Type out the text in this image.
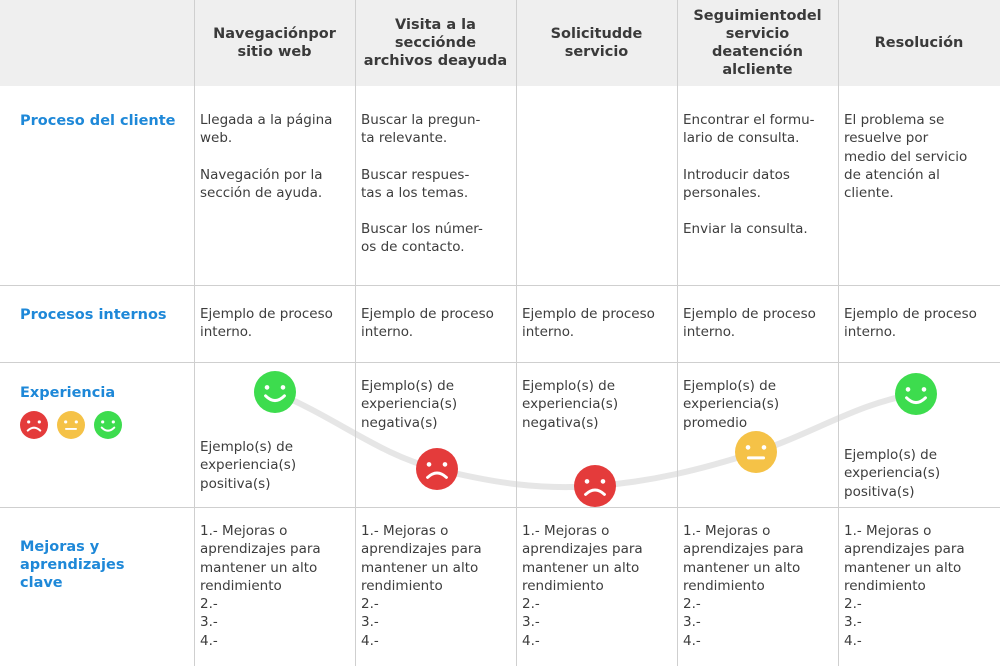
Proceso del cliente
Procesos internos
Experiencia
Mejoras y
aprendizajes
clave
Navegaciónpor sitio web
Visita a la secciónde archivos deayuda
Solicitudde servicio
Seguimientodel servicio deatención alcliente
Resolución

Llegada a la página
web.

Navegación por la
sección de ayuda.

Buscar la pregun-
ta relevante.

Buscar respues-
tas a los temas.

Buscar los númer-
os de contacto.

Encontrar el formu-
lario de consulta.

Introducir datos
personales.

Enviar la consulta.

El problema se
resuelve por
medio del servicio
de atención al
cliente.

Ejemplo de proceso
interno.
Ejemplo de proceso
interno.
Ejemplo de proceso
interno.
Ejemplo de proceso
interno.
Ejemplo de proceso
interno.
Ejemplo(s) de
experiencia(s)
positiva(s)
Ejemplo(s) de
experiencia(s)
negativa(s)
Ejemplo(s) de
experiencia(s)
negativa(s)
Ejemplo(s) de
experiencia(s)
promedio
Ejemplo(s) de
experiencia(s)
positiva(s)
1.- Mejoras o
aprendizajes para
mantener un alto
rendimiento
2.-
3.-
4.-
1.- Mejoras o
aprendizajes para
mantener un alto
rendimiento
2.-
3.-
4.-
1.- Mejoras o
aprendizajes para
mantener un alto
rendimiento
2.-
3.-
4.-
1.- Mejoras o
aprendizajes para
mantener un alto
rendimiento
2.-
3.-
4.-
1.- Mejoras o
aprendizajes para
mantener un alto
rendimiento
2.-
3.-
4.-
